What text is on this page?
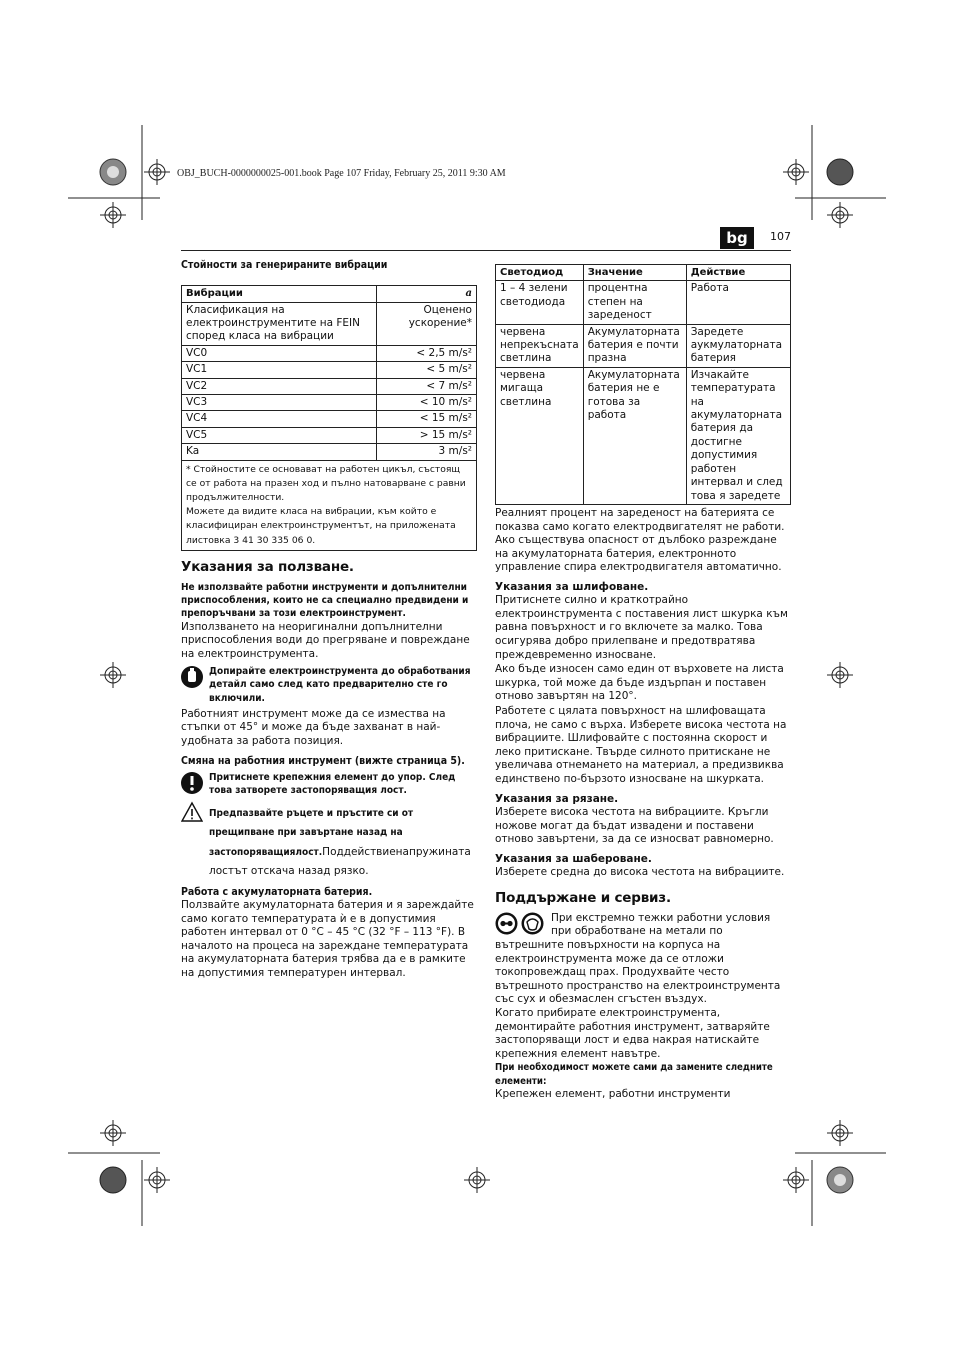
OBJ_BUCH-0000000025-001.book Page 107 Friday, February 25, 2011 9:30 AM
bg	107
Стойности за генерираните вибрации
Вибрации	a
Класификация на електроинструментите на FEIN според класа на вибрации	Оценено ускорение*
VC0	< 2,5 m/s²
VC1	< 5 m/s²
VC2	< 7 m/s²
VC3	< 10 m/s²
VC4	< 15 m/s²
VC5	> 15 m/s²
Ka	3 m/s²

* Стойностите се основават на работен цикъл, състоящ се от работа на празен ход и пълно натоварване с равни продължителности.
Можете да видите класа на вибрации, към който е класифициран електроинструментът, на приложената листовка 3 41 30 335 06 0.	
Указания за ползване.
Не използвайте работни инструменти и допълнителни приспособления, които не са специално предвидени и препоръчвани за този електроинструмент.
Използването на неоригинални допълнителни приспособления води до прегряване и повреждане на електроинструмента.
Допирайте електроинструмента до обработвания детайл само след като предварително сте го включили.
Работният инструмент може да се измества на стъпки от 45° и може да бъде захванат в най-удобната за работа позиция.
Смяна на работния инструмент (вижте страница 5).
Притиснете крепежния елемент до упор. След това затворете застопоряващия лост.
Предпазвайте ръцете и пръстите си от прещипване при завъртане назад на застопоряващиялост.Поддействиенапружината лостът отскача назад рязко.
Работа с акумулаторната батерия.
Ползвайте акумулаторната батерия и я зареждайте само когато температурата ѝ е в допустимия работен интервал от 0 °C – 45 °C (32 °F – 113 °F). В началото на процеса на зареждане температурата на акумулаторната батерия трябва да е в рамките на допустимия температурен интервал.
Светодиод	Значение	Действие
1 – 4 зелени светодиода	процентна степен на зареденост	Работа
червена непрекъсната светлина	Акумулаторната батерия е почти празна	Заредете аукмулаторната батерия
червена мигаща светлина	Акумулаторната батерия не е готова за работа	Изчакайте температурата на акумулаторната батерия да достигне допустимия работен интервал и след това я заредете
Реалният процент на зареденост на батерията се показва само когато електродвигателят не работи.
Ако съществува опасност от дълбоко разреждане на акумулаторната батерия, електронното управление спира електродвигателя автоматично.
Указания за шлифоване.
Притиснете силно и краткотрайно електроинструмента с поставения лист шкурка към равна повърхност и го включете за малко. Това осигурява добро прилепване и предотвратява преждевременно износване.
Ако бъде износен само един от върховете на листа шкурка, той може да бъде издърпан и поставен отново завъртян на 120°.
Работете с цялата повърхност на шлифоващата плоча, не само с върха. Изберете висока честота на вибрациите. Шлифовайте с постоянна скорост и леко притискане. Твърде силното притискане не увеличава отнемането на материал, а предизвиква единствено по-бързото износване на шкурката.
Указания за рязане.
Изберете висока честота на вибрациите. Кръгли ножове могат да бъдат извадени и поставени отново завъртени, за да се износват равномерно.
Указания за шабероване.
Изберете средна до висока честота на вибрациите.
Поддържане и сервиз.
При екстремно тежки работни условия при обработване на метали по вътрешните повърхности на корпуса на електроинструмента може да се отложи токопровеждащ прах. Продухвайте често вътрешното пространство на електроинструмента със сух и обезмаслен сгъстен въздух.
Когато прибирате електроинструмента, демонтирайте работния инструмент, затваряйте застопоряващи лост и едва накрая натискайте крепежния елемент навътре.
При необходимост можете сами да замените следните елементи:
Крепежен елемент, работни инструменти
